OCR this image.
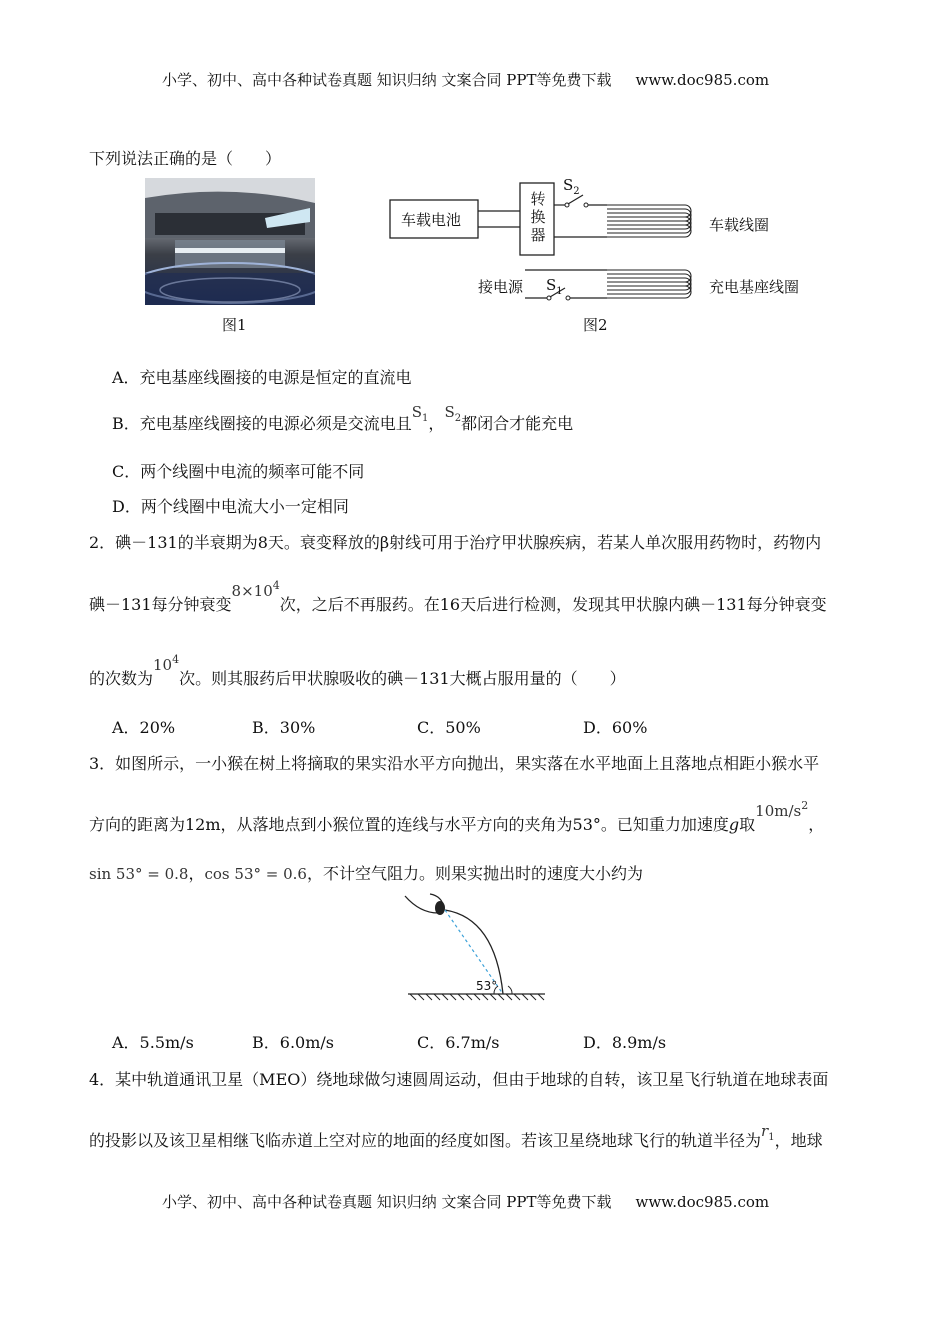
小学、初中、高中各种试卷真题 知识归纳 文案合同 PPT等免费下载 www.doc985.com
下列说法正确的是（　　）
图1
车载电池
转
换
器
$S_2$
车载线圈
接电源 $S_1$	充电基座线圈
图2
A．充电基座线圈接的电源是恒定的直流电
B．充电基座线圈接的电源必须是交流电且$S_1$，$S_2$都闭合才能充电
C．两个线圈中电流的频率可能不同
D．两个线圈中电流大小一定相同
2．碘－131的半衰期为8天。衰变释放的β射线可用于治疗甲状腺疾病，若某人单次服用药物时，药物内
碘－131每分钟衰变$8\times 10^4$次，之后不再服药。在16天后进行检测，发现其甲状腺内碘－131每分钟衰变
的次数为$10^4$次。则其服药后甲状腺吸收的碘－131大概占服用量的（　　）
A．20%	B．30%	C．50%	D．60%
3．如图所示，一小猴在树上将摘取的果实沿水平方向抛出，果实落在水平地面上且落地点相距小猴水平
方向的距离为12m，从落地点到小猴位置的连线与水平方向的夹角为53°。已知重力加速度g取$10m/s^2$，
sin 53° = 0.8，cos 53° = 0.6，不计空气阻力。则果实抛出时的速度大小约为
53°
A．5.5m/s	B．6.0m/s	C．6.7m/s	D．8.9m/s
4．某中轨道通讯卫星（MEO）绕地球做匀速圆周运动，但由于地球的自转，该卫星飞行轨道在地球表面
的投影以及该卫星相继飞临赤道上空对应的地面的经度如图。若该卫星绕地球飞行的轨道半径为$r_1$，地球
小学、初中、高中各种试卷真题 知识归纳 文案合同 PPT等免费下载 www.doc985.com
